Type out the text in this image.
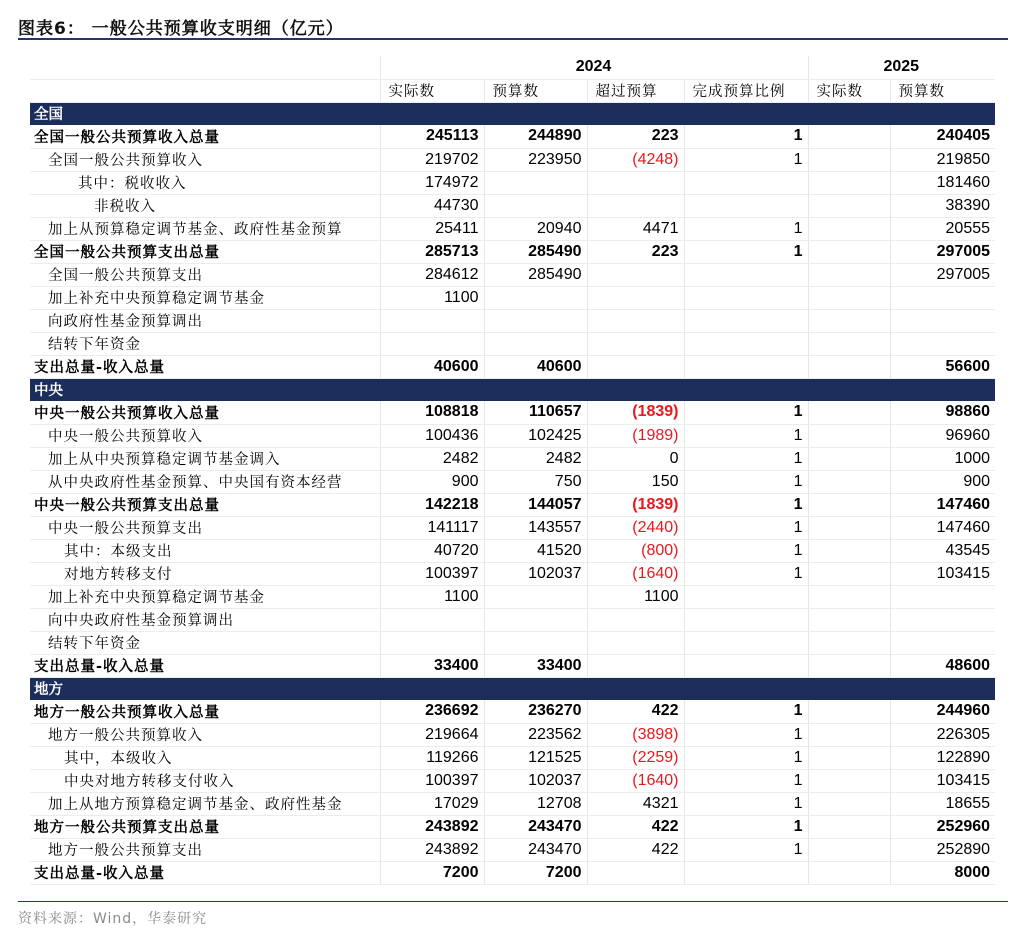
图表6： 一般公共预算收支明细（亿元）
	2024				2025	
	实际数	预算数	超过预算	完成预算比例	实际数	预算数
全国						
全国一般公共预算收入总量	245113	244890	223	1		240405
全国一般公共预算收入	219702	223950	(4248)	1		219850
其中：税收收入	174972					181460
非税收入	44730					38390
加上从预算稳定调节基金、政府性基金预算	25411	20940	4471	1		20555
全国一般公共预算支出总量	285713	285490	223	1		297005
全国一般公共预算支出	284612	285490				297005
加上补充中央预算稳定调节基金	1100					
向政府性基金预算调出						
结转下年资金						
支出总量-收入总量	40600	40600				56600
中央						
中央一般公共预算收入总量	108818	110657	(1839)	1		98860
中央一般公共预算收入	100436	102425	(1989)	1		96960
加上从中央预算稳定调节基金调入	2482	2482	0	1		1000
从中央政府性基金预算、中央国有资本经营	900	750	150	1		900
中央一般公共预算支出总量	142218	144057	(1839)	1		147460
中央一般公共预算支出	141117	143557	(2440)	1		147460
其中：本级支出	40720	41520	(800)	1		43545
对地方转移支付	100397	102037	(1640)	1		103415
加上补充中央预算稳定调节基金	1100		1100			
向中央政府性基金预算调出						
结转下年资金						
支出总量-收入总量	33400	33400				48600
地方						
地方一般公共预算收入总量	236692	236270	422	1		244960
地方一般公共预算收入	219664	223562	(3898)	1		226305
其中，本级收入	119266	121525	(2259)	1		122890
中央对地方转移支付收入	100397	102037	(1640)	1		103415
加上从地方预算稳定调节基金、政府性基金	17029	12708	4321	1		18655
地方一般公共预算支出总量	243892	243470	422	1		252960
地方一般公共预算支出	243892	243470	422	1		252890
支出总量-收入总量	7200	7200				8000
资料来源：Wind，华泰研究
